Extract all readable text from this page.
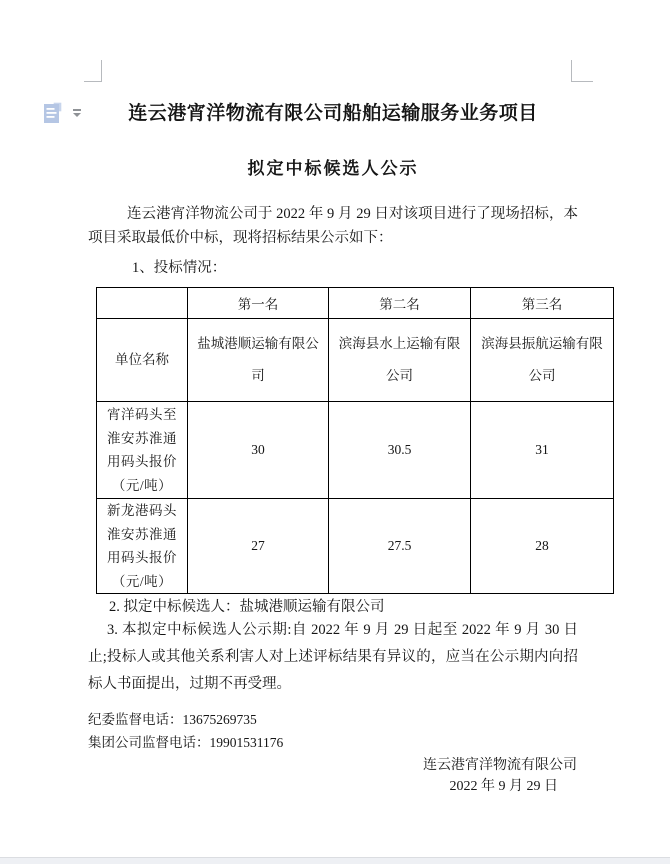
连云港宵洋物流有限公司船舶运输服务业务项目
拟定中标候选人公示

连云港宵洋物流公司于 2022 年 9 月 29 日对该项目进行了现场招标，本项目采取最低价中标，现将招标结果公示如下：

1、投标情况：
	第一名	第二名	第三名
单位名称	盐城港顺运输有限公司	滨海县水上运输有限公司	滨海县振航运输有限公司
宵洋码头至淮安苏淮通用码头报价（元/吨）	30	30.5	31
新龙港码头淮安苏淮通用码头报价（元/吨）	27	27.5	28

2. 拟定中标候选人：盐城港顺运输有限公司

3. 本拟定中标候选人公示期:自 2022 年 9 月 29 日起至 2022 年 9 月 30 日止;投标人或其他关系利害人对上述评标结果有异议的，应当在公示期内向招标人书面提出，过期不再受理。

纪委监督电话：13675269735

集团公司监督电话：19901531176

连云港宵洋物流有限公司

2022 年 9 月 29 日
